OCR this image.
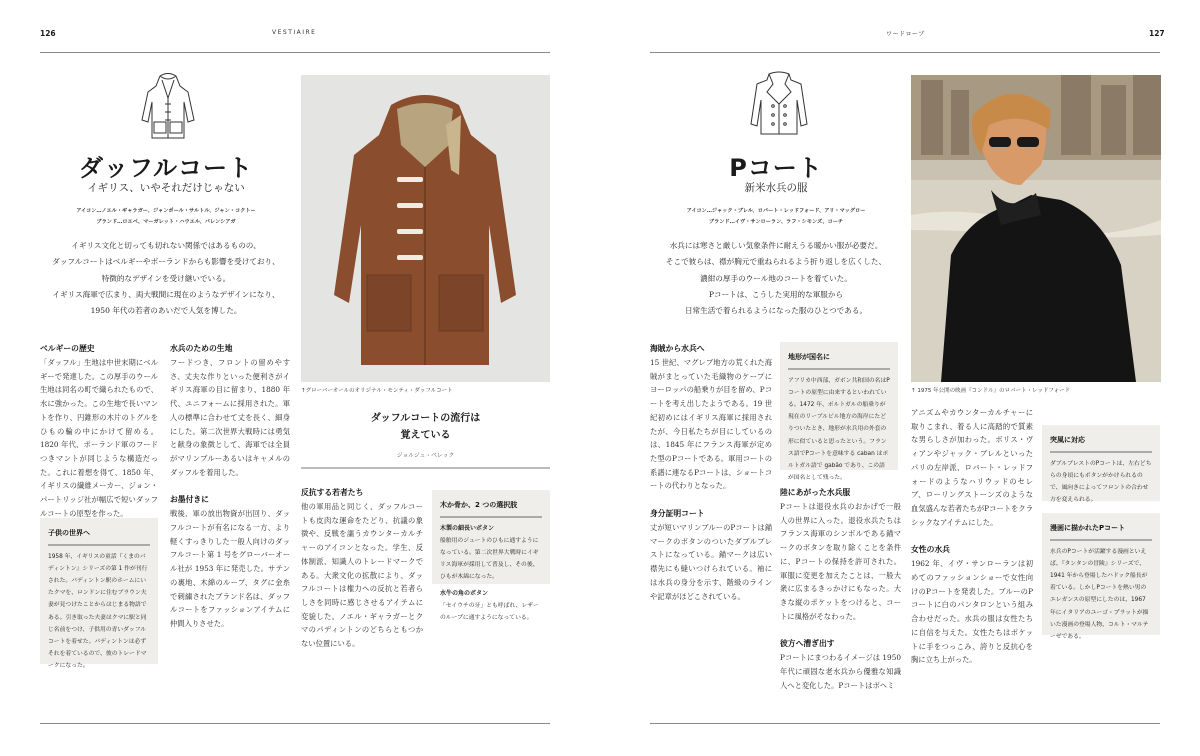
126	VESTIAIRE
ダッフルコート
イギリス、いやそれだけじゃない
アイコン…ノエル・ギャラガー、ジャンポール・サルトル、ジャン・コクトー
ブランド…ロエベ、マーガレット・ハウエル、バレンシアガ
イギリス文化と切っても切れない関係ではあるものの、
ダッフルコートはベルギーやポーランドからも影響を受けており、
特徴的なデザインを受け継いでいる。
イギリス海軍で広まり、両大戦間に現在のようなデザインになり、
1950 年代の若者のあいだで人気を博した。
ベルギーの歴史

「ダッフル」生地は中世末期にベルギーで発達した。この厚手のウール生地は同名の町で織られたもので、水に強かった。この生地で長いマントを作り、円錐形の木片のトグルをひもの輪の中にかけて留める。1820 年代、ポーランド軍のフードつきマントが同じような構造だった。これに着想を得て、1850 年、イギリスの繊維メーカー、ジョン・パートリッジ社が幅広で短いダッフルコートの原型を作った。

子供の世界へ

1958 年、イギリスの童話『くまのパディントン』シリーズの第 1 作が刊行された。パディントン駅のホームにいたクマを、ロンドンに住むブラウン夫妻が見つけたことからはじまる物語である。引き取った夫妻はクマに駅と同じ名前をつけ、子供用の青いダッフルコートを着せた。パディントンは必ずそれを着ているので、彼のトレードマークになった。

水兵のための生地

フードつき、フロントの留めやすさ、丈夫な作りといった便利さがイギリス海軍の目に留まり、1880 年代、ユニフォームに採用された。軍人の標準に合わせて丈を長く、細身にした。第二次世界大戦時には勇気と献身の象徴として、海軍では全員がマリンブルーあるいはキャメルのダッフルを着用した。

お墨付きに

戦後、軍の放出物資が出回り、ダッフルコートが有名になる一方、より軽くすっきりした一般人向けのダッフルコート第 1 号をグローバーオール社が 1953 年に発売した。サテンの裏地、木綿のループ、タグに金糸で刺繍されたブランド名は、ダッフルコートをファッションアイテムに仲間入りさせた。

↑グローバーオールのオリジナル・モンティ・ダッフルコート
ダッフルコートの流行は
覚えている
ジョルジュ・ペレック
反抗する若者たち

他の軍用品と同じく、ダッフルコートも皮肉な運命をたどり、抗議の象徴や、反戦を謳うカウンターカルチャーのアイコンとなった。学生、反体制派、知識人のトレードマークである。大衆文化の拡散により、ダッフルコートは権力への反抗と若者らしさを同時に感じさせるアイテムに変貌した。ノエル・ギャラガーとクマのパディントンのどちらともつかない位置にいる。

木か骨か、2 つの選択肢
木製の細長いボタン

船舶用のジュートのひもに通すようになっている。第二次世界大戦時にイギリス海軍が採用して普及し、その後、ひもが木綿になった。

水牛の角のボタン

「セイウチの牙」とも呼ばれ、レザーのループに通すようになっている。

ワードローブ	127
Pコート
新米水兵の服
アイコン…ジャック・ブレル、ロバート・レッドフォード、アリ・マッグロー
ブランド…イヴ・サンローラン、ラフ・シモンズ、コーチ
水兵には寒さと厳しい気象条件に耐えうる暖かい服が必要だ。
そこで彼らは、襟が胸元で重ねられるよう折り返しを広くした、
濃紺の厚手のウール地のコートを着ていた。
Pコートは、こうした実用的な軍服から
日常生活で着られるようになった服のひとつである。
海賊から水兵へ

15 世紀、マグレブ地方の荒くれた海賊がまとっていた毛織物のケープにヨーロッパの船乗りが目を留め、Pコートを考え出したようである。19 世紀初めにはイギリス海軍に採用されたが、今日私たちが目にしているのは、1845 年にフランス海軍が定めた型のPコートである。軍用コートの系譜に連なるPコートは、ショートコートの代わりとなった。

身分証明コート

丈が短いマリンブルーのPコートは錨マークのボタンのついたダブルブレストになっている。錨マークは広い襟先にも縫いつけられている。袖には水兵の身分を示す、階級のラインや記章がほどこされている。

地形が国名に

アフリカ中西部、ガボン共和国の名はPコートの原型に由来するといわれている。1472 年、ポルトガルの船乗りが現在のリーブルビル地方の海岸にたどりついたとき、地形が水兵用の外套の形に似ていると思ったという。フランス語でPコートを意味する caban はポルトガル語で gabão であり、この語が国名として残った。

陸にあがった水兵服

Pコートは退役水兵のおかげで一般人の世界に入った。退役水兵たちはフランス海軍のシンボルである錨マークのボタンを取り除くことを条件に、Pコートの保持を許可された。軍服に変更を加えたことは、一般大衆に広まるきっかけにもなった。大きな縦のポケットをつけると、コートに風格がそなわった。

彼方へ漕ぎ出す

Pコートにまつわるイメージは 1950 年代に頑固な老水兵から優雅な知識人へと変化した。Pコートはボヘミ

↑ 1975 年公開の映画『コンドル』のロバート・レッドフォード

アニズムやカウンターカルチャーに取りこまれ、着る人に高踏的で質素な男らしさが加わった。ボリス・ヴィアンやジャック・ブレルといったパリの左岸派、ロバート・レッドフォードのようなハリウッドのセレブ、ローリングストーンズのような血気盛んな若者たちがPコートをクラシックなアイテムにした。

女性の水兵

1962 年、イヴ・サンローランは初めてのファッションショーで女性向けのPコートを発表した。ブルーのPコートに白のパンタロンという組み合わせだった。水兵の服は女性たちに自信を与えた。女性たちはポケットに手をつっこみ、誇りと反抗心を胸に立ち上がった。

突風に対応

ダブルブレストのPコートは、左右どちらの身頃にもボタンがかけられるので、風向きによってフロントの合わせ方を変えられる。

漫画に描かれたPコート

水兵のPコートが活躍する漫画といえば、『タンタンの冒険』シリーズで、1941 年から登場したハドック船長が着ている。しかしPコートを熱い男のエレガンスの原型にしたのは、1967 年にイタリアのユーゴ・プラットが描いた漫画の登場人物、コルト・マルテーゼである。
